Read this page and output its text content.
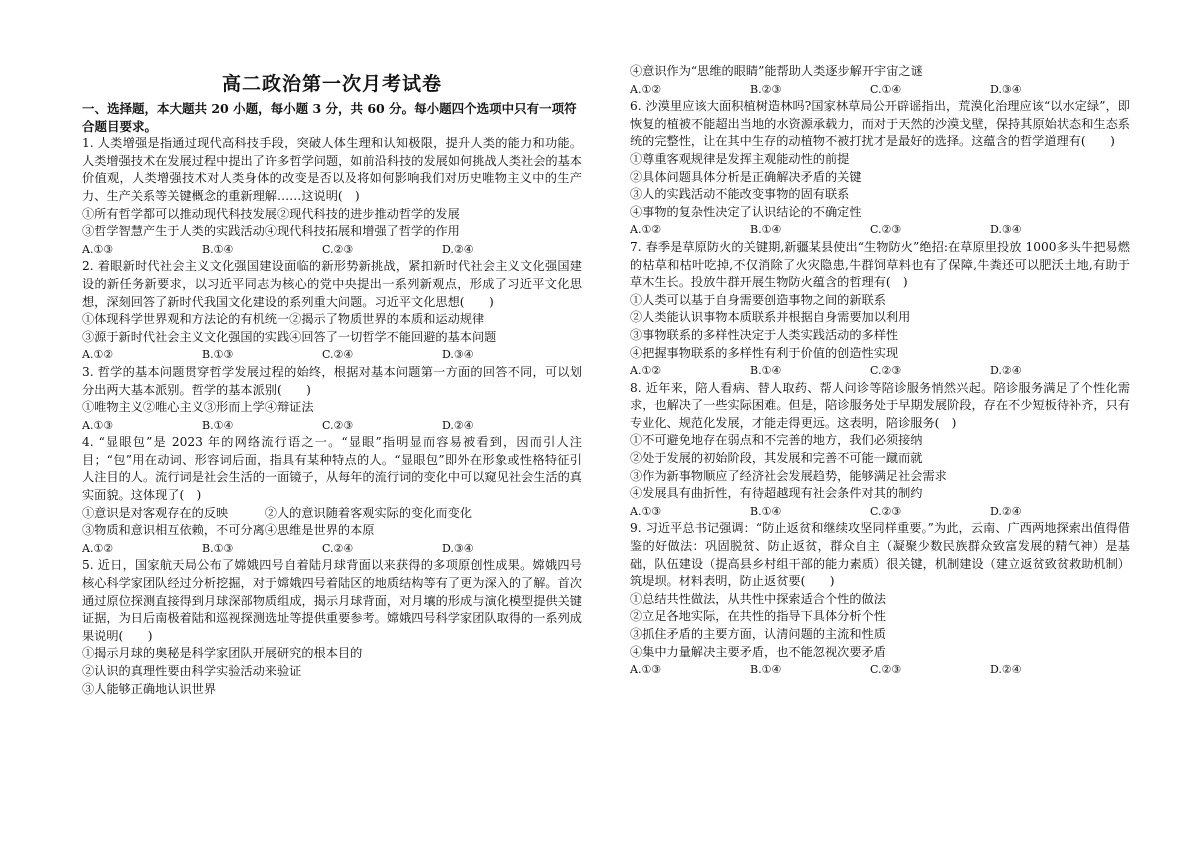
高二政治第一次月考试卷
一、选择题，本大题共 20 小题，每小题 3 分，共 60 分。每小题四个选项中只有一项符合题目要求。

1. 人类增强是指通过现代高科技手段，突破人体生理和认知极限，提升人类的能力和功能。人类增强技术在发展过程中提出了许多哲学问题，如前沿科技的发展如何挑战人类社会的基本价值观，人类增强技术对人类身体的改变是否以及将如何影响我们对历史唯物主义中的生产力、生产关系等关键概念的重新理解……这说明(　)

①所有哲学都可以推动现代科技发展②现代科技的进步推动哲学的发展
③哲学智慧产生于人类的实践活动④现代科技拓展和增强了哲学的作用
A.①③	B.①④	C.②③	D.②④

2. 着眼新时代社会主义文化强国建设面临的新形势新挑战，紧扣新时代社会主义文化强国建设的新任务新要求，以习近平同志为核心的党中央提出一系列新观点，形成了习近平文化思想，深刻回答了新时代我国文化建设的系列重大问题。习近平文化思想(　　)

①体现科学世界观和方法论的有机统一②揭示了物质世界的本质和运动规律
③源于新时代社会主义文化强国的实践④回答了一切哲学不能回避的基本问题
A.①②	B.①③	C.②④	D.③④

3. 哲学的基本问题贯穿哲学发展过程的始终，根据对基本问题第一方面的回答不同，可以划分出两大基本派别。哲学的基本派别(　　)

①唯物主义②唯心主义③形而上学④辩证法
A.①③	B.①④	C.②③	D.②④

4. “显眼包”是 2023 年的网络流行语之一。“显眼”指明显而容易被看到，因而引人注目；“包”用在动词、形容词后面，指具有某种特点的人。“显眼包”即外在形象或性格特征引人注目的人。流行词是社会生活的一面镜子，从每年的流行词的变化中可以窥见社会生活的真实面貌。这体现了(　)

①意识是对客观存在的反映　　　②人的意识随着客观实际的变化而变化
③物质和意识相互依赖，不可分离④思维是世界的本原
A.①②	B.①③	C.②④	D.③④

5. 近日，国家航天局公布了嫦娥四号自着陆月球背面以来获得的多项原创性成果。嫦娥四号核心科学家团队经过分析挖掘，对于嫦娥四号着陆区的地质结构等有了更为深入的了解。首次通过原位探测直接得到月球深部物质组成，揭示月球背面，对月壤的形成与演化模型提供关键证据，为日后南极着陆和巡视探测选址等提供重要参考。嫦娥四号科学家团队取得的一系列成果说明(　　)

①揭示月球的奥秘是科学家团队开展研究的根本目的
②认识的真理性要由科学实验活动来验证
③人能够正确地认识世界
④意识作为“思维的眼睛”能帮助人类逐步解开宇宙之谜
A.①②	B.②③	C.①④	D.③④

6. 沙漠里应该大面积植树造林吗?国家林草局公开辟谣指出，荒漠化治理应该“以水定绿”，即恢复的植被不能超出当地的水资源承载力，而对于天然的沙漠戈壁，保持其原始状态和生态系统的完整性，让在其中生存的动植物不被打扰才是最好的选择。这蕴含的哲学道理有(　　)

①尊重客观规律是发挥主观能动性的前提
②具体问题具体分析是正确解决矛盾的关键
③人的实践活动不能改变事物的固有联系
④事物的复杂性决定了认识结论的不确定性
A.①②	B.①④	C.②③	D.③④

7. 春季是草原防火的关键期,新疆某县使出“生物防火”绝招:在草原里投放 1000多头牛把易燃的枯草和枯叶吃掉,不仅消除了火灾隐患,牛群饲草料也有了保障,牛粪还可以肥沃土地,有助于草木生长。投放牛群开展生物防火蕴含的哲理有(　)

①人类可以基于自身需要创造事物之间的新联系
②人类能认识事物本质联系并根据自身需要加以利用
③事物联系的多样性决定于人类实践活动的多样性
④把握事物联系的多样性有利于价值的创造性实现
A.①②	B.①④	C.②③	D.②④

8. 近年来，陪人看病、替人取药、帮人问诊等陪诊服务悄然兴起。陪诊服务满足了个性化需求，也解决了一些实际困难。但是，陪诊服务处于早期发展阶段，存在不少短板待补齐，只有专业化、规范化发展，才能走得更远。这表明，陪诊服务(　)

①不可避免地存在弱点和不完善的地方，我们必须接纳
②处于发展的初始阶段，其发展和完善不可能一蹴而就
③作为新事物顺应了经济社会发展趋势，能够满足社会需求
④发展具有曲折性，有待超越现有社会条件对其的制约
A.①③	B.①④	C.②③	D.②④

9. 习近平总书记强调：“防止返贫和继续攻坚同样重要。”为此，云南、广西两地探索出值得借鉴的好做法：巩固脱贫、防止返贫，群众自主（凝聚少数民族群众致富发展的精气神）是基础，队伍建设（提高县乡村组干部的能力素质）很关键，机制建设（建立返贫致贫救助机制）筑堤坝。材料表明，防止返贫要(　　)

①总结共性做法，从共性中探索适合个性的做法
②立足各地实际，在共性的指导下具体分析个性
③抓住矛盾的主要方面，认清问题的主流和性质
④集中力量解决主要矛盾，也不能忽视次要矛盾
A.①③	B.①④	C.②③	D.②④
